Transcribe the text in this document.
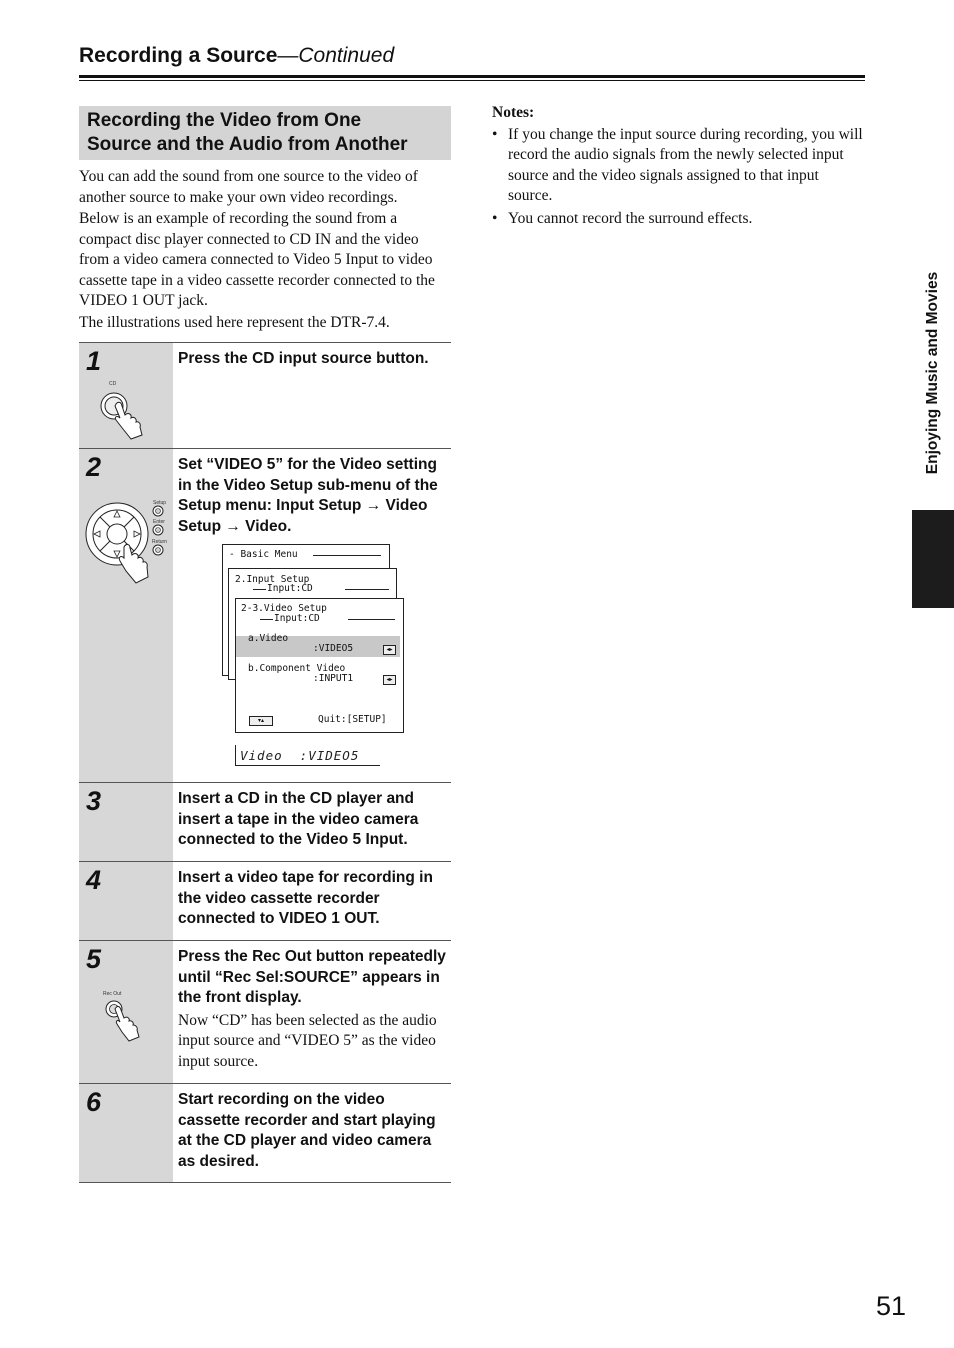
Recording a Source—Continued
Recording the Video from One
Source and the Audio from Another

You can add the sound from one source to the video of another source to make your own video recordings.

Below is an example of recording the sound from a compact disc player connected to CD IN and the video from a video camera connected to Video 5 Input to video cassette tape in a video cassette recorder connected to the VIDEO 1 OUT jack.

The illustrations used here represent the DTR-7.4.

Notes:
• If you change the input source during recording, you will record the audio signals from the newly selected input source and the video signals assigned to that input source.
• You cannot record the surround effects.
Enjoying Music and Movies
1
CD
Press the CD input source button.
2
Setup
Enter
Return
Set “VIDEO 5” for the Video setting in the Video Setup sub-menu of the Setup menu: Input Setup → Video Setup → Video.
3	Insert a CD in the CD player and insert a tape in the video camera connected to the Video 5 Input.
4	Insert a video tape for recording in the video cassette recorder connected to VIDEO 1 OUT.
5
Rec Out
Press the Rec Out button repeatedly until “Rec Sel:SOURCE” appears in the front display.
Now “CD” has been selected as the audio input source and “VIDEO 5” as the video input source.
6	Start recording on the video cassette recorder and start playing at the CD player and video camera as desired.
- Basic Menu
2.Input Setup
Input:CD
2-3.Video Setup
Input:CD
a.Video
:VIDEO5	◂▸
b.Component Video
:INPUT1	◂▸
▾▴	Quit:[SETUP]
Video  :VIDEO5
51
